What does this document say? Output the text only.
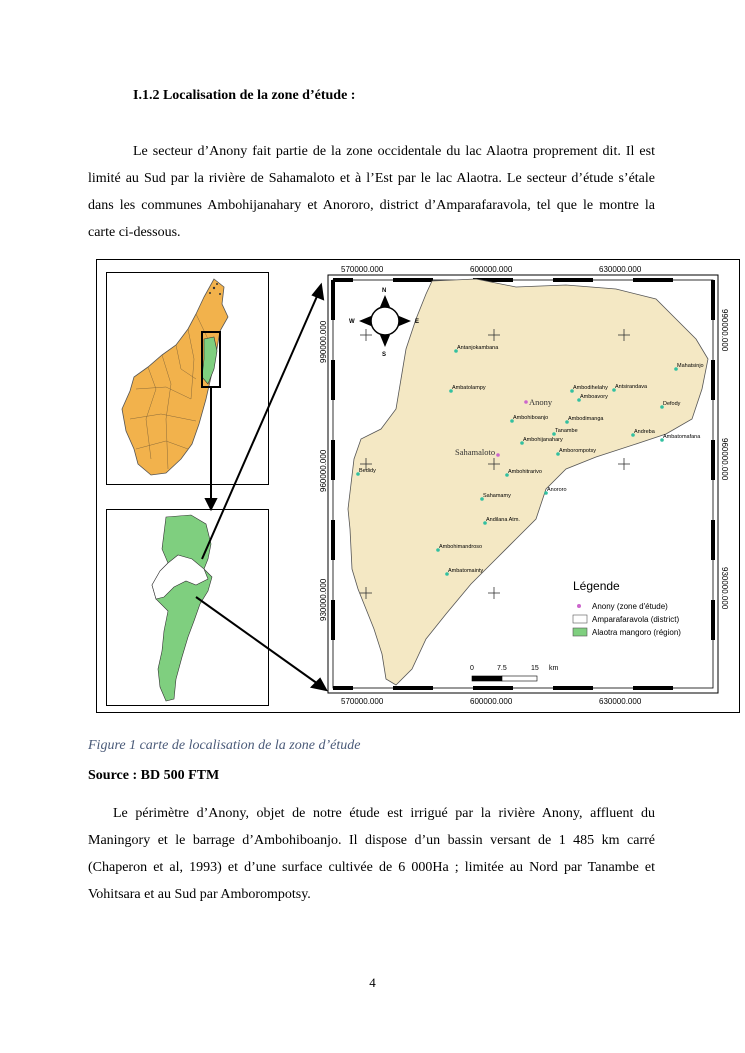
I.1.2 Localisation de la zone d’étude :

Le secteur d’Anony fait partie de la zone occidentale du lac Alaotra proprement dit. Il est limité au Sud par la rivière de Sahamaloto et à l’Est par le lac Alaotra. Le secteur d’étude s’étale dans les communes Ambohijanahary et Anororo, district d’Amparafaravola, tel que le montre la carte ci-dessous.

570000.000	600000.000	630000.000
570000.000	600000.000	630000.000
990000.000
960000.000
930000.000
990000.000
960000.000
930000.000
N
S
W	E
Anony
Sahamaloto
Antanjokambana
Ambatolampy	Ambodihelahy Antsirandava
Amboavory
Mahatsinjo
Defody
Ambohiboanjo	Ambodimanga
Tanambe
Ambohijanahary
Andreba
Ambatomafana
Amborompotsy
Ambohitrarivo
Bedidy
Anororo
Sahamamy
Andilana Atm.
Ambohimandroso
Ambatomainty
Légende
Anony (zone d'étude)
Amparafaravola (district)
Alaotra mangoro (région)
0	7.5	15 km
Figure 1 carte de localisation de la zone d’étude
Source : BD 500 FTM

Le périmètre d’Anony, objet de notre étude est irrigué par la rivière Anony, affluent du Maningory et le barrage d’Ambohiboanjo. Il dispose d’un bassin versant de 1 485 km carré (Chaperon et al, 1993) et d’une surface cultivée de 6 000Ha ; limitée au Nord par Tanambe et Vohitsara et au Sud par Amborompotsy.

4
